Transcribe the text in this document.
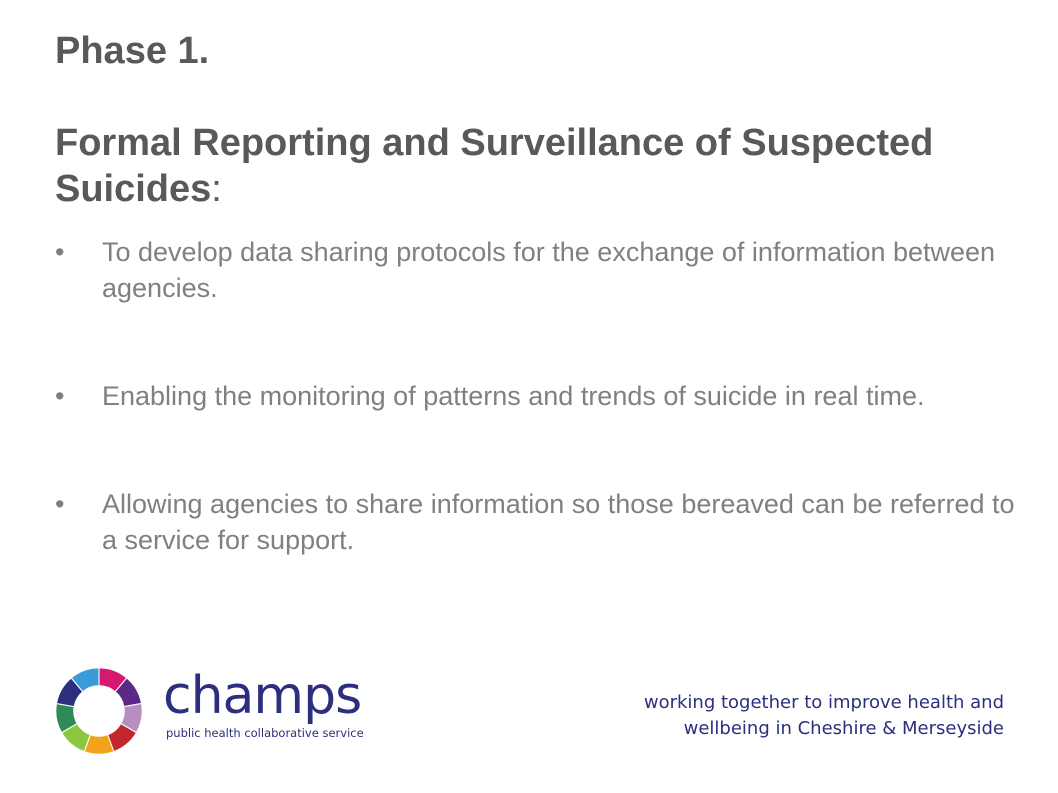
Phase 1.
Formal Reporting and Surveillance of Suspected Suicides:
•	To develop data sharing protocols for the exchange of information between agencies.
•	Enabling the monitoring of patterns and trends of suicide in real time.
•	Allowing agencies to share information so those bereaved can be referred to a service for support.
champs
public health collaborative service
working together to improve health and
wellbeing in Cheshire & Merseyside
